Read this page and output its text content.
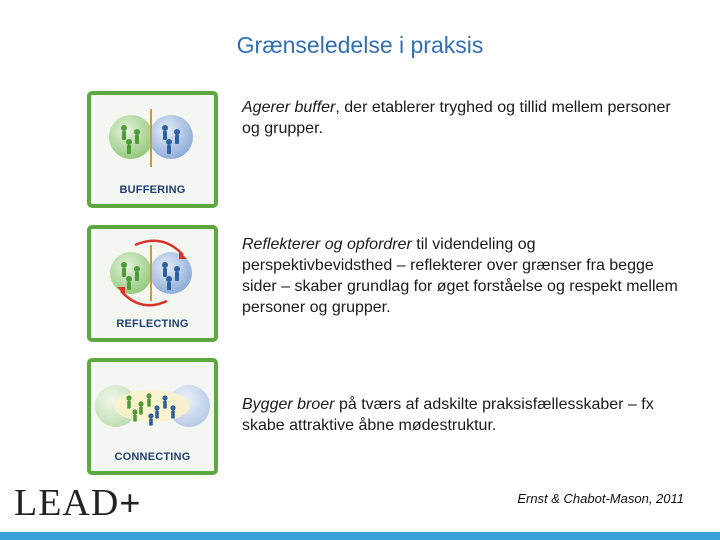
Grænseledelse i praksis
BUFFERING
REFLECTING
CONNECTING
Agerer buffer, der etablerer tryghed og tillid mellem personer og grupper.
Reflekterer og opfordrer til videndeling og perspektivbevidsthed – reflekterer over grænser fra begge sider – skaber grundlag for øget forståelse og respekt mellem personer og grupper.
Bygger broer på tværs af adskilte praksisfællesskaber – fx skabe attraktive åbne mødestruktur.
LEAD+	Ernst & Chabot-Mason, 2011
